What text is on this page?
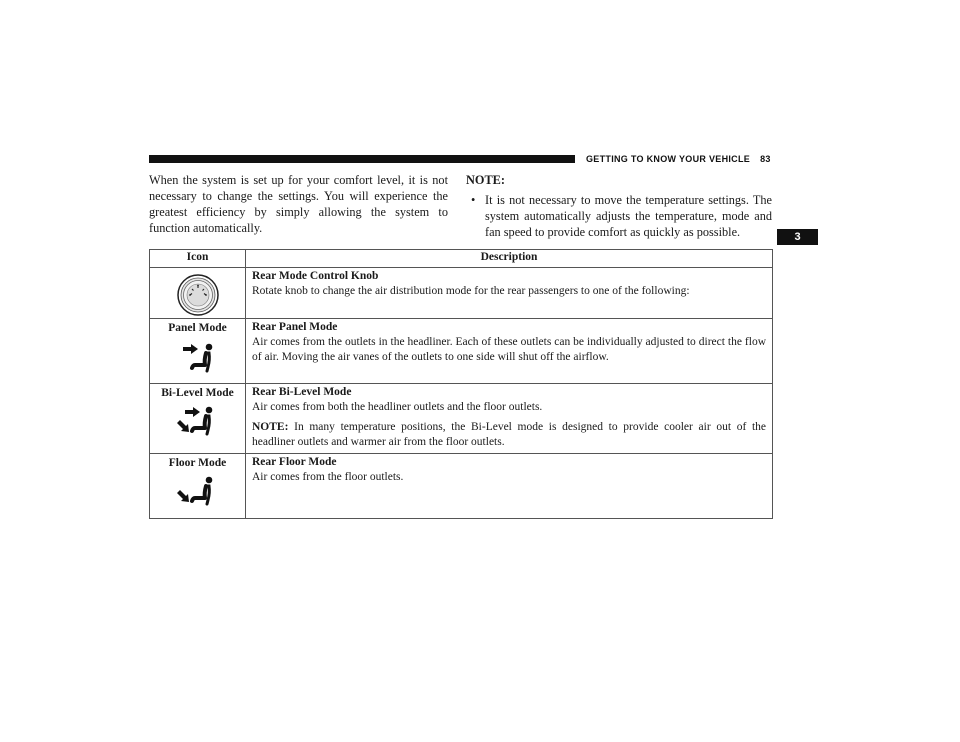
GETTING TO KNOW YOUR VEHICLE 83
3

When the system is set up for your comfort level, it is not necessary to change the settings. You will experience the greatest efficiency by simply allowing the system to function automatically.

NOTE:
• It is not necessary to move the temperature settings. The system automatically adjusts the temperature, mode and fan speed to provide comfort as quickly as possible.
Icon	Description

Rear Mode Control Knob
Rotate knob to change the air distribution mode for the rear passengers to one of the following:

Panel Mode	Rear Panel Mode
Air comes from the outlets in the headliner. Each of these outlets can be individually adjusted to direct the flow of air. Moving the air vanes of the outlets to one side will shut off the airflow.

Bi-Level Mode	Rear Bi-Level Mode
Air comes from both the headliner outlets and the floor outlets.
NOTE: In many temperature positions, the Bi-Level mode is designed to provide cooler air out of the headliner outlets and warmer air from the floor outlets.

Floor Mode	Rear Floor Mode
Air comes from the floor outlets.
